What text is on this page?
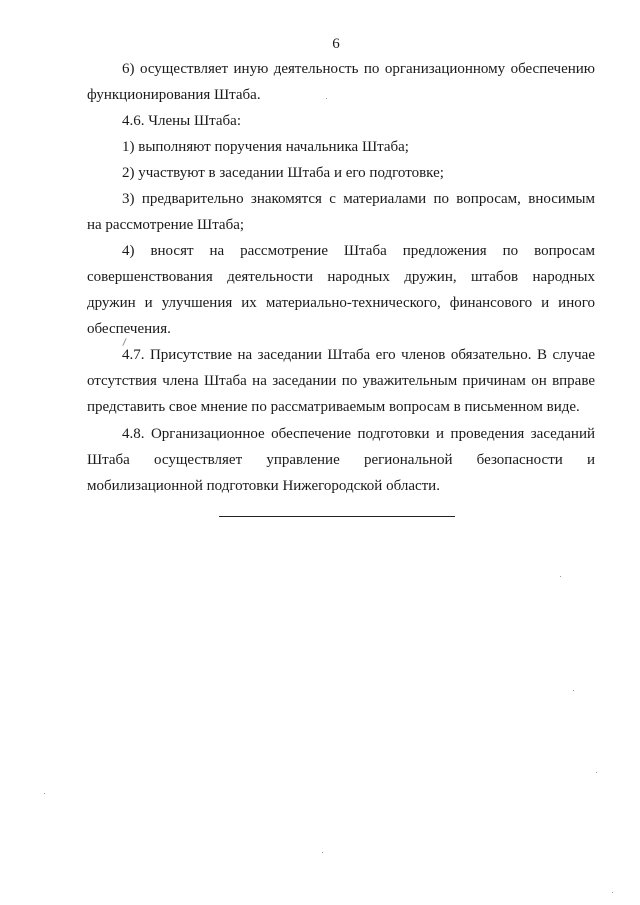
6
6) осуществляет иную деятельность по организационному обеспечению
функционирования Штаба.
4.6. Члены Штаба:
1) выполняют поручения начальника Штаба;
2) участвуют в заседании Штаба и его подготовке;
3) предварительно знакомятся с материалами по вопросам, вносимым
на рассмотрение Штаба;
4) вносят на рассмотрение Штаба предложения по вопросам
совершенствования деятельности народных дружин, штабов народных
дружин и улучшения их материально-технического, финансового и иного
обеспечения.
4.7. Присутствие на заседании Штаба его членов обязательно. В случае
отсутствия члена Штаба на заседании по уважительным причинам он вправе
представить свое мнение по рассматриваемым вопросам в письменном виде.
4.8. Организационное обеспечение подготовки и проведения заседаний
Штаба осуществляет управление региональной безопасности и
мобилизационной подготовки Нижегородской области.
